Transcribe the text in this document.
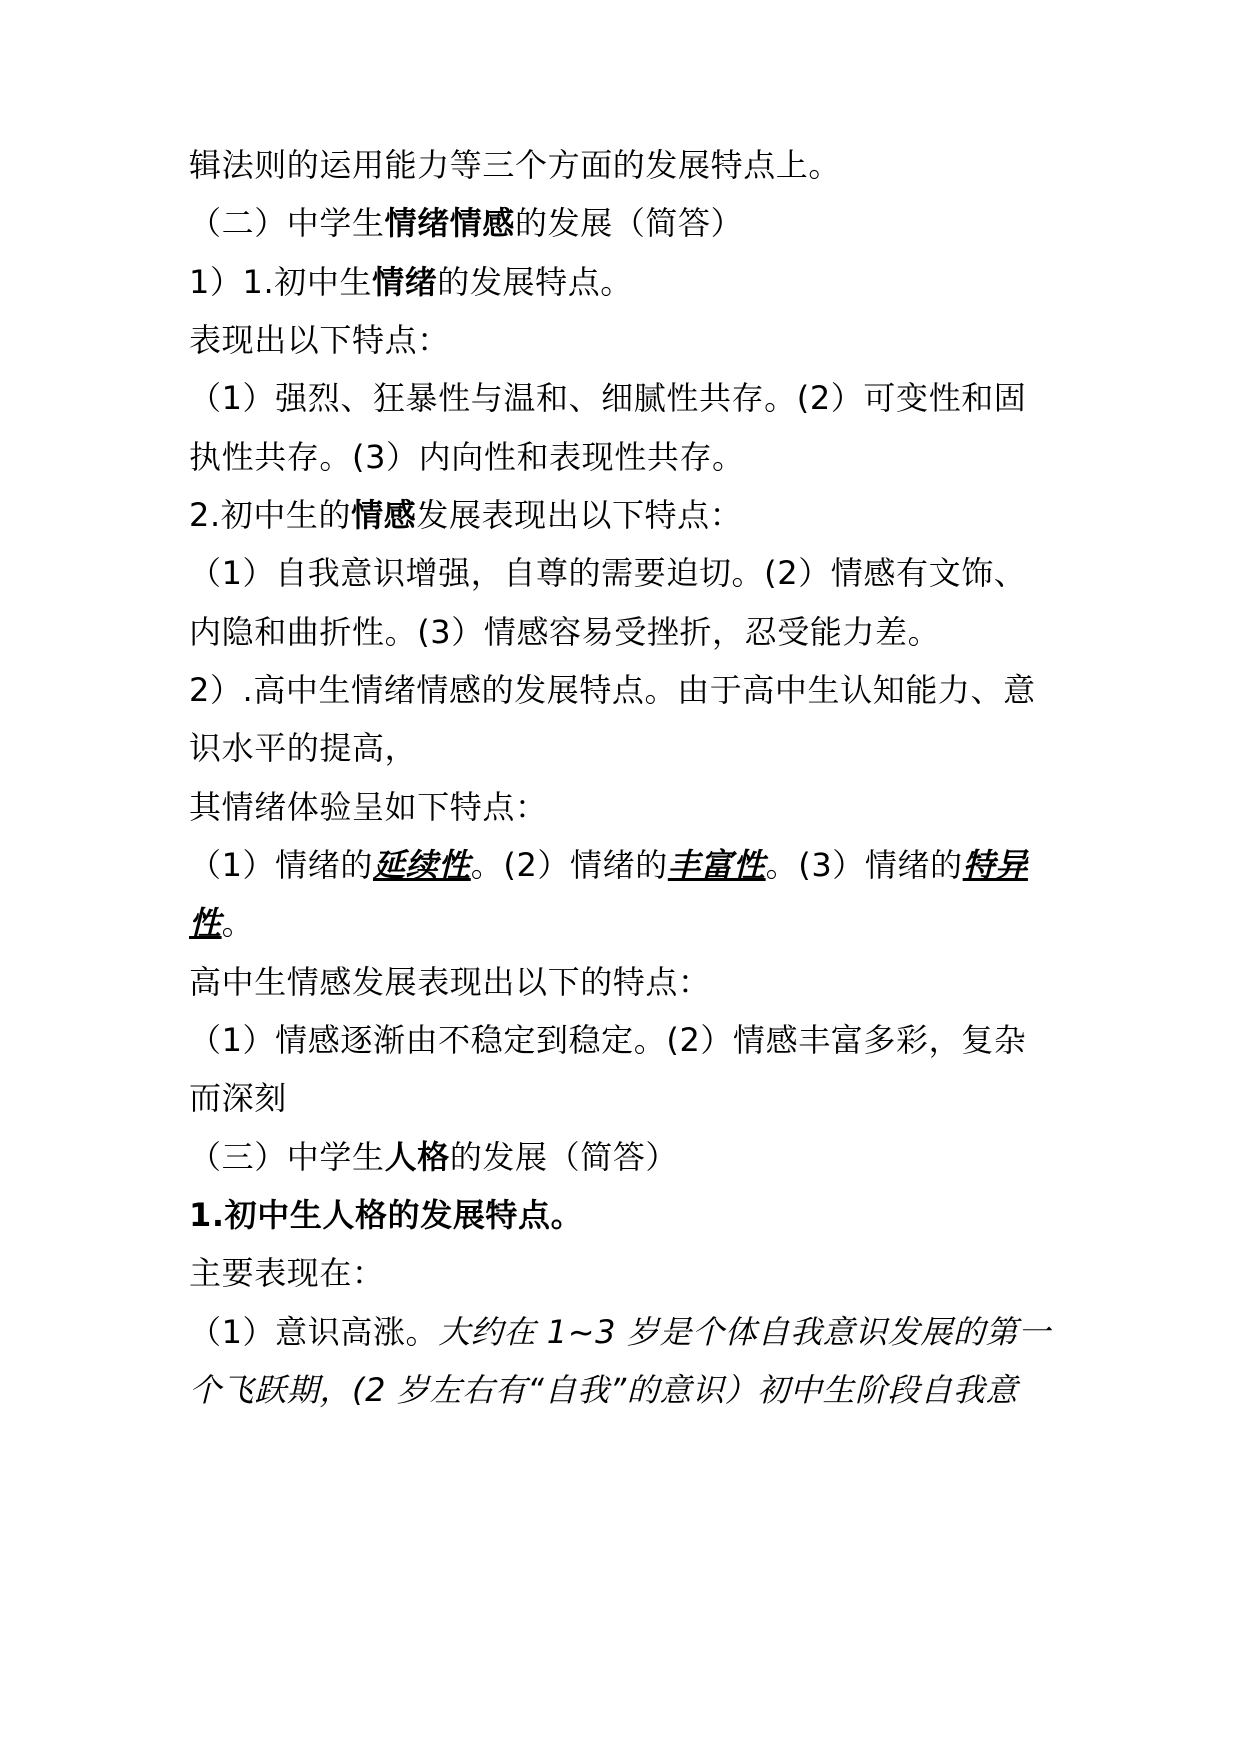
辑法则的运用能力等三个方面的发展特点上。
（二）中学生情绪情感的发展（简答）
1）1.初中生情绪的发展特点。
表现出以下特点：
（1）强烈、狂暴性与温和、细腻性共存。(2）可变性和固
执性共存。(3）内向性和表现性共存。
2.初中生的情感发展表现出以下特点：
（1）自我意识增强，自尊的需要迫切。(2）情感有文饰、
内隐和曲折性。(3）情感容易受挫折，忍受能力差。
2）.高中生情绪情感的发展特点。由于高中生认知能力、意
识水平的提高，
其情绪体验呈如下特点：
（1）情绪的延续性。(2）情绪的丰富性。(3）情绪的特异
性。
高中生情感发展表现出以下的特点：
（1）情感逐渐由不稳定到稳定。(2）情感丰富多彩，复杂
而深刻
（三）中学生人格的发展（简答）
1.初中生人格的发展特点。
主要表现在：
（1）意识高涨。大约在 1~3 岁是个体自我意识发展的第一
个飞跃期，(2 岁左右有“自我”的意识）初中生阶段自我意
